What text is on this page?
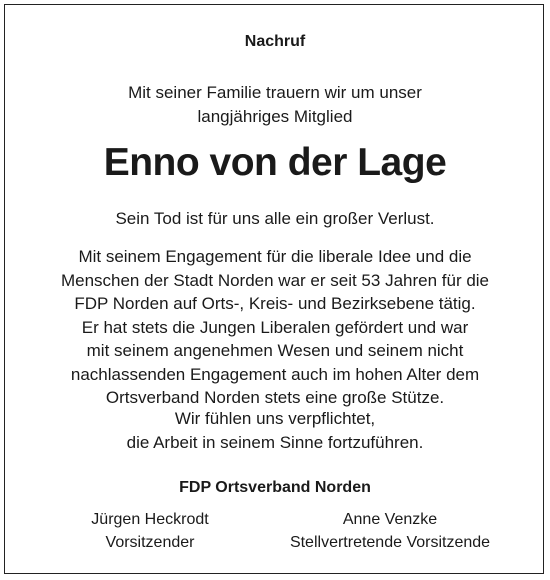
Nachruf
Mit seiner Familie trauern wir um unser
langjähriges Mitglied
Enno von der Lage
Sein Tod ist für uns alle ein großer Verlust.
Mit seinem Engagement für die liberale Idee und die
Menschen der Stadt Norden war er seit 53 Jahren für die
FDP Norden auf Orts-, Kreis- und Bezirksebene tätig.
Er hat stets die Jungen Liberalen gefördert und war
mit seinem angenehmen Wesen und seinem nicht
nachlassenden Engagement auch im hohen Alter dem
Ortsverband Norden stets eine große Stütze.
Wir fühlen uns verpflichtet,
die Arbeit in seinem Sinne fortzuführen.
FDP Ortsverband Norden
Jürgen Heckrodt
Vorsitzender
Anne Venzke
Stellvertretende Vorsitzende
